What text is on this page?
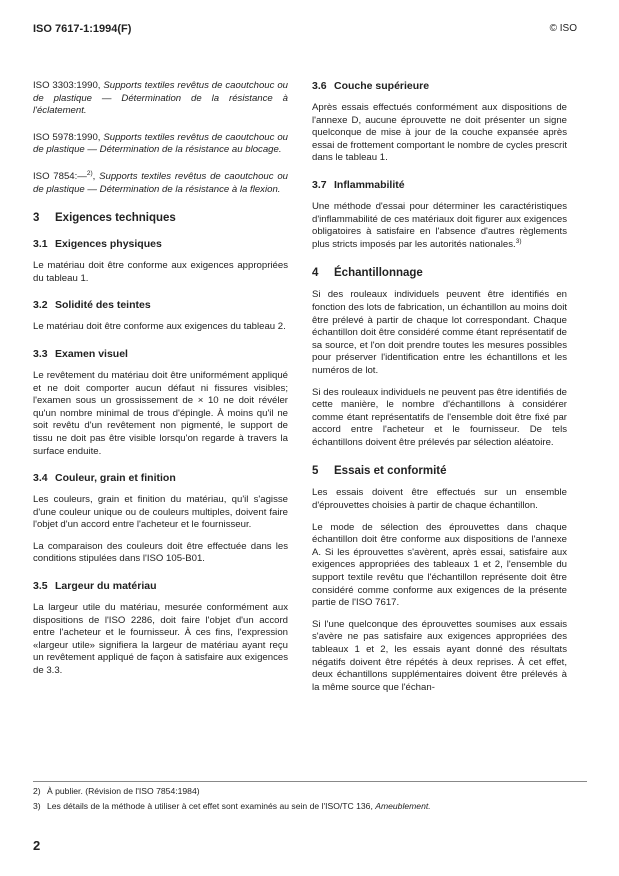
ISO 7617-1:1994(F)	© ISO

ISO 3303:1990, Supports textiles revêtus de caoutchouc ou de plastique — Détermination de la résistance à l'éclatement.

ISO 5978:1990, Supports textiles revêtus de caoutchouc ou de plastique — Détermination de la résistance au blocage.

ISO 7854:—$^{2)}$, Supports textiles revêtus de caoutchouc ou de plastique — Détermination de la résistance à la flexion.

3 Exigences techniques
3.1 Exigences physiques

Le matériau doit être conforme aux exigences appropriées du tableau 1.

3.2 Solidité des teintes

Le matériau doit être conforme aux exigences du tableau 2.

3.3 Examen visuel

Le revêtement du matériau doit être uniformément appliqué et ne doit comporter aucun défaut ni fissures visibles; l'examen sous un grossissement de × 10 ne doit révéler qu'un nombre minimal de trous d'épingle. À moins qu'il ne soit revêtu d'un revêtement non pigmenté, le support de tissu ne doit pas être visible lorsqu'on regarde à travers la surface enduite.

3.4 Couleur, grain et finition

Les couleurs, grain et finition du matériau, qu'il s'agisse d'une couleur unique ou de couleurs multiples, doivent faire l'objet d'un accord entre l'acheteur et le fournisseur.

La comparaison des couleurs doit être effectuée dans les conditions stipulées dans l'ISO 105-B01.

3.5 Largeur du matériau

La largeur utile du matériau, mesurée conformément aux dispositions de l'ISO 2286, doit faire l'objet d'un accord entre l'acheteur et le fournisseur. À ces fins, l'expression «largeur utile» signifiera la largeur de matériau ayant reçu un revêtement appliqué de façon à satisfaire aux exigences de 3.3.

3.6 Couche supérieure

Après essais effectués conformément aux dispositions de l'annexe D, aucune éprouvette ne doit présenter un signe quelconque de mise à jour de la couche expansée après essai de frottement comportant le nombre de cycles prescrit dans le tableau 1.

3.7 Inflammabilité

Une méthode d'essai pour déterminer les caractéristiques d'inflammabilité de ces matériaux doit figurer aux exigences obligatoires à satisfaire en l'absence d'autres règlements plus stricts imposés par les autorités nationales.$^{3)}$

4 Échantillonnage

Si des rouleaux individuels peuvent être identifiés en fonction des lots de fabrication, un échantillon au moins doit être prélevé à partir de chaque lot correspondant. Chaque échantillon doit être considéré comme étant représentatif de sa source, et l'on doit prendre toutes les mesures possibles pour préserver l'identification entre les échantillons et les numéros de lot.

Si des rouleaux individuels ne peuvent pas être identifiés de cette manière, le nombre d'échantillons à considérer comme étant représentatifs de l'ensemble doit être fixé par accord entre l'acheteur et le fournisseur. De tels échantillons doivent être prélevés par sélection aléatoire.

5 Essais et conformité

Les essais doivent être effectués sur un ensemble d'éprouvettes choisies à partir de chaque échantillon.

Le mode de sélection des éprouvettes dans chaque échantillon doit être conforme aux dispositions de l'annexe A. Si les éprouvettes s'avèrent, après essai, satisfaire aux exigences appropriées des tableaux 1 et 2, l'ensemble du support textile revêtu que l'échantillon représente doit être considéré comme conforme aux exigences de la présente partie de l'ISO 7617.

Si l'une quelconque des éprouvettes soumises aux essais s'avère ne pas satisfaire aux exigences appropriées des tableaux 1 et 2, les essais ayant donné des résultats négatifs doivent être répétés à deux reprises. À cet effet, deux échantillons supplémentaires doivent être prélevés à la même source que l'échan-

2) À publier. (Révision de l'ISO 7854:1984)
3) Les détails de la méthode à utiliser à cet effet sont examinés au sein de l'ISO/TC 136, Ameublement.
2
